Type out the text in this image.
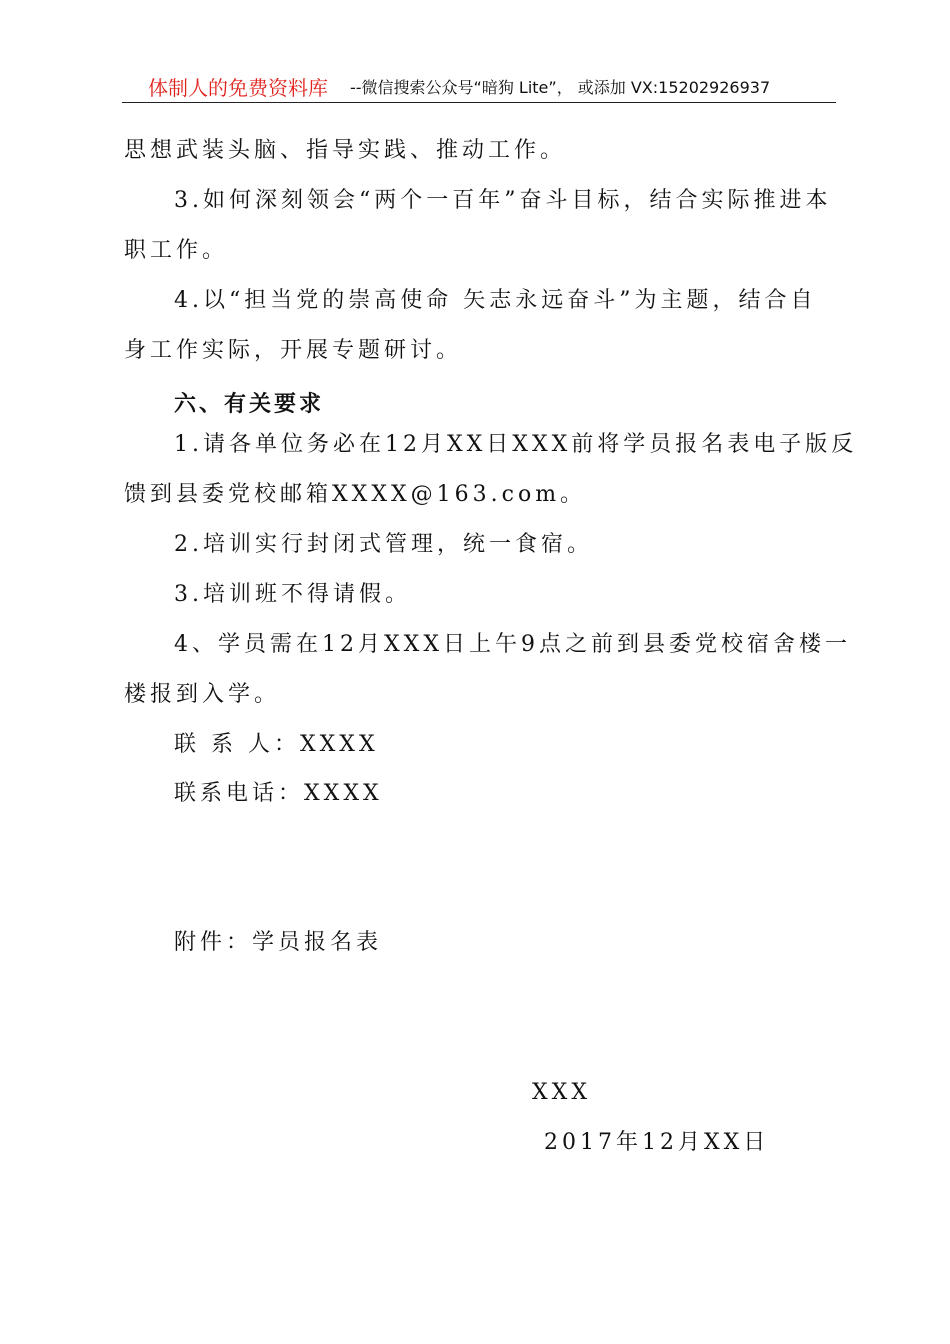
体制人的免费资料库 --微信搜索公众号“暗狗 Lite”， 或添加 VX:15202926937
思想武装头脑、指导实践、推动工作。
3.如何深刻领会“两个一百年”奋斗目标，结合实际推进本
职工作。
4.以“担当党的崇高使命 矢志永远奋斗”为主题，结合自
身工作实际，开展专题研讨。
六、有关要求
1.请各单位务必在12月XX日XXX前将学员报名表电子版反
馈到县委党校邮箱XXXX@163.com。
2.培训实行封闭式管理，统一食宿。
3.培训班不得请假。
4、学员需在12月XXX日上午9点之前到县委党校宿舍楼一
楼报到入学。
联 系 人：XXXX
联系电话：XXXX
附件：学员报名表
XXX
2017年12月XX日
